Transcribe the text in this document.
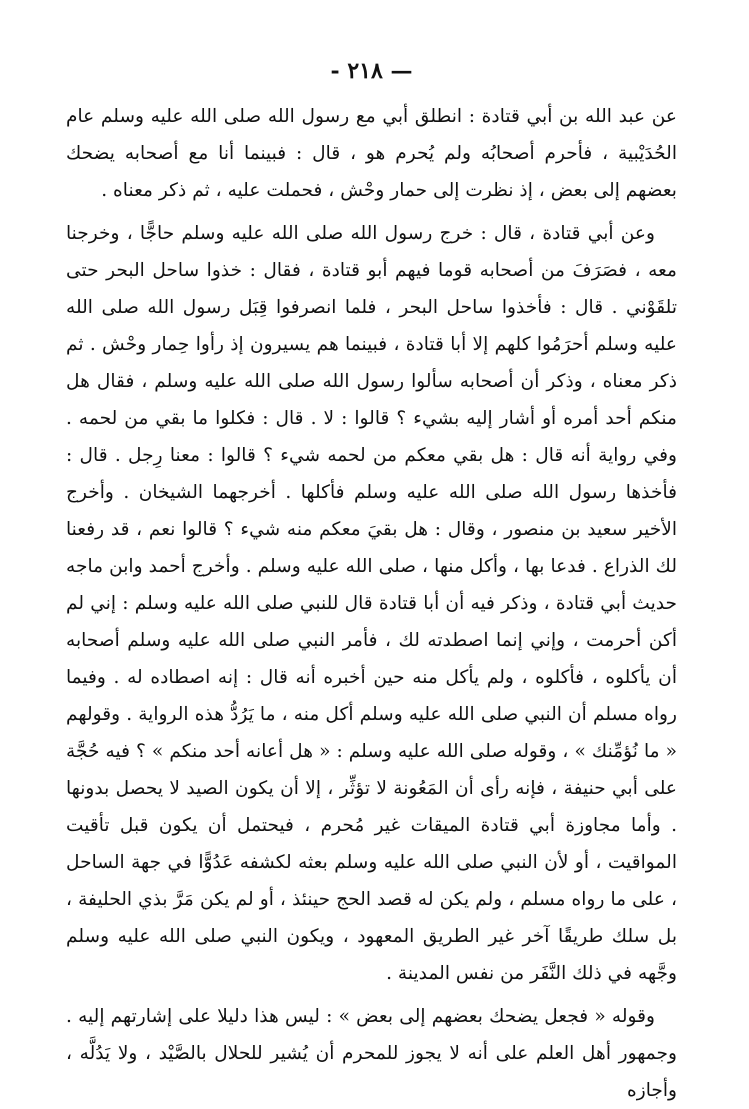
— ٢١٨ -

عن عبد الله بن أبي قتادة : انطلق أبي مع رسول الله صلى الله عليه وسلم عام الحُدَيْبية ، فأحرم أصحابُه ولم يُحرم هو ، قال : فبينما أنا مع أصحابه يضحك بعضهم إلى بعض ، إذ نظرت إلى حمار وحْش ، فحملت عليه ، ثم ذكر معناه .

وعن أبي قتادة ، قال : خرج رسول الله صلى الله عليه وسلم حاجًّا ، وخرجنا معه ، فصَرَفَ من أصحابه قوما فيهم أبو قتادة ، فقال : خذوا ساحل البحر حتى تلقَوْني . قال : فأخذوا ساحل البحر ، فلما انصرفوا قِبَل رسول الله صلى الله عليه وسلم أحرَمُوا كلهم إلا أبا قتادة ، فبينما هم يسيرون إذ رأوا حِمار وحْش . ثم ذكر معناه ، وذكر أن أصحابه سألوا رسول الله صلى الله عليه وسلم ، فقال هل منكم أحد أمره أو أشار إليه بشيء ؟ قالوا : لا . قال : فكلوا ما بقي من لحمه . وفي رواية أنه قال : هل بقي معكم من لحمه شيء ؟ قالوا : معنا رِجل . قال : فأخذها رسول الله صلى الله عليه وسلم فأكلها . أخرجهما الشيخان . وأخرج الأخير سعيد بن منصور ، وقال : هل بقيَ معكم منه شيء ؟ قالوا نعم ، قد رفعنا لك الذراع . فدعا بها ، وأكل منها ، صلى الله عليه وسلم . وأخرج أحمد وابن ماجه حديث أبي قتادة ، وذكر فيه أن أبا قتادة قال للنبي صلى الله عليه وسلم : إني لم أكن أحرمت ، وإني إنما اصطدته لك ، فأمر النبي صلى الله عليه وسلم أصحابه أن يأكلوه ، فأكلوه ، ولم يأكل منه حين أخبره أنه قال : إنه اصطاده له . وفيما رواه مسلم أن النبي صلى الله عليه وسلم أكل منه ، ما يَرُدُّ هذه الرواية . وقولهم « ما نُؤمِّنك » ، وقوله صلى الله عليه وسلم : « هل أعانه أحد منكم » ؟ فيه حُجَّة على أبي حنيفة ، فإنه رأى أن المَعُونة لا تؤثِّر ، إلا أن يكون الصيد لا يحصل بدونها . وأما مجاوزة أبي قتادة الميقات غير مُحرم ، فيحتمل أن يكون قبل تأقيت المواقيت ، أو لأن النبي صلى الله عليه وسلم بعثه لكشفه عَدُوًّا في جهة الساحل ، على ما رواه مسلم ، ولم يكن له قصد الحج حينئذ ، أو لم يكن مَرَّ بذي الحليفة ، بل سلك طريقًا آخر غير الطريق المعهود ، ويكون النبي صلى الله عليه وسلم وجَّهه في ذلك النَّفَر من نفس المدينة .

وقوله « فجعل يضحك بعضهم إلى بعض » : ليس هذا دليلا على إشارتهم إليه . وجمهور أهل العلم على أنه لا يجوز للمحرم أن يُشير للحلال بالصَّيْد ، ولا يَدُلَّه ، وأجازه
